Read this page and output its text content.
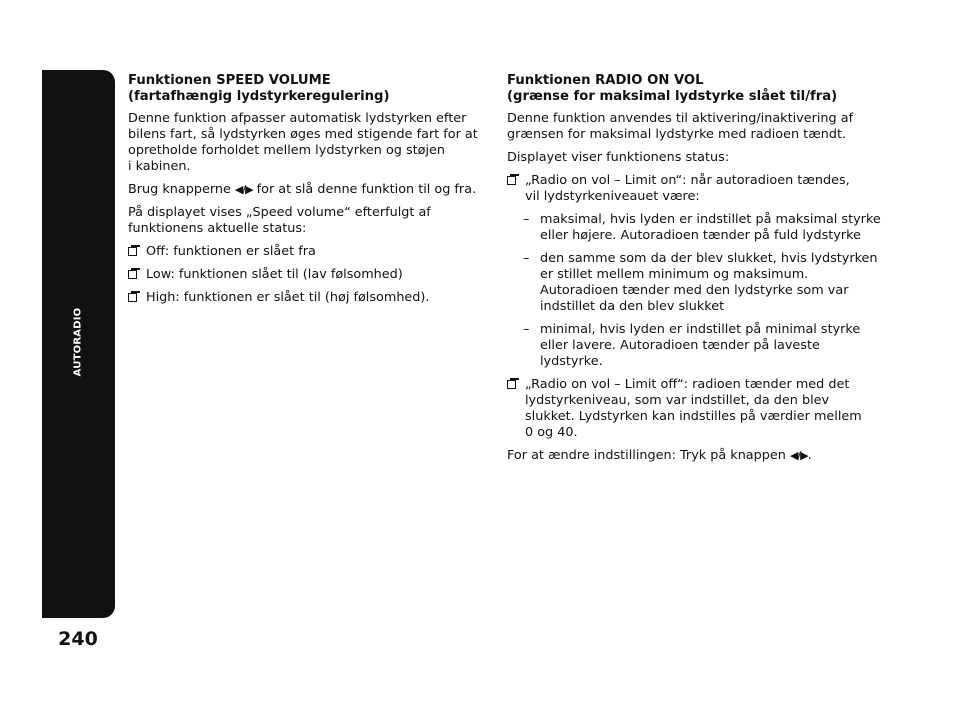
AUTORADIO
240
Funktionen SPEED VOLUME
(fartafhængig lydstyrkeregulering)

Denne funktion afpasser automatisk lydstyrken efter
bilens fart, så lydstyrken øges med stigende fart for at
opretholde forholdet mellem lydstyrken og støjen
i kabinen.

Brug knapperne ◀/▶ for at slå denne funktion til og fra.

På displayet vises „Speed volume“ efterfulgt af
funktionens aktuelle status:

Off: funktionen er slået fra
Low: funktionen slået til (lav følsomhed)
High: funktionen er slået til (høj følsomhed).
Funktionen RADIO ON VOL
(grænse for maksimal lydstyrke slået til/fra)

Denne funktion anvendes til aktivering/inaktivering af
grænsen for maksimal lydstyrke med radioen tændt.

Displayet viser funktionens status:

„Radio on vol – Limit on“: når autoradioen tændes,
vil lydstyrkeniveauet være:
– maksimal, hvis lyden er indstillet på maksimal styrke
eller højere. Autoradioen tænder på fuld lydstyrke
– den samme som da der blev slukket, hvis lydstyrken
er stillet mellem minimum og maksimum.
Autoradioen tænder med den lydstyrke som var
indstillet da den blev slukket
– minimal, hvis lyden er indstillet på minimal styrke
eller lavere. Autoradioen tænder på laveste
lydstyrke.
„Radio on vol – Limit off“: radioen tænder med det
lydstyrkeniveau, som var indstillet, da den blev
slukket. Lydstyrken kan indstilles på værdier mellem
0 og 40.

For at ændre indstillingen: Tryk på knappen ◀/▶.
